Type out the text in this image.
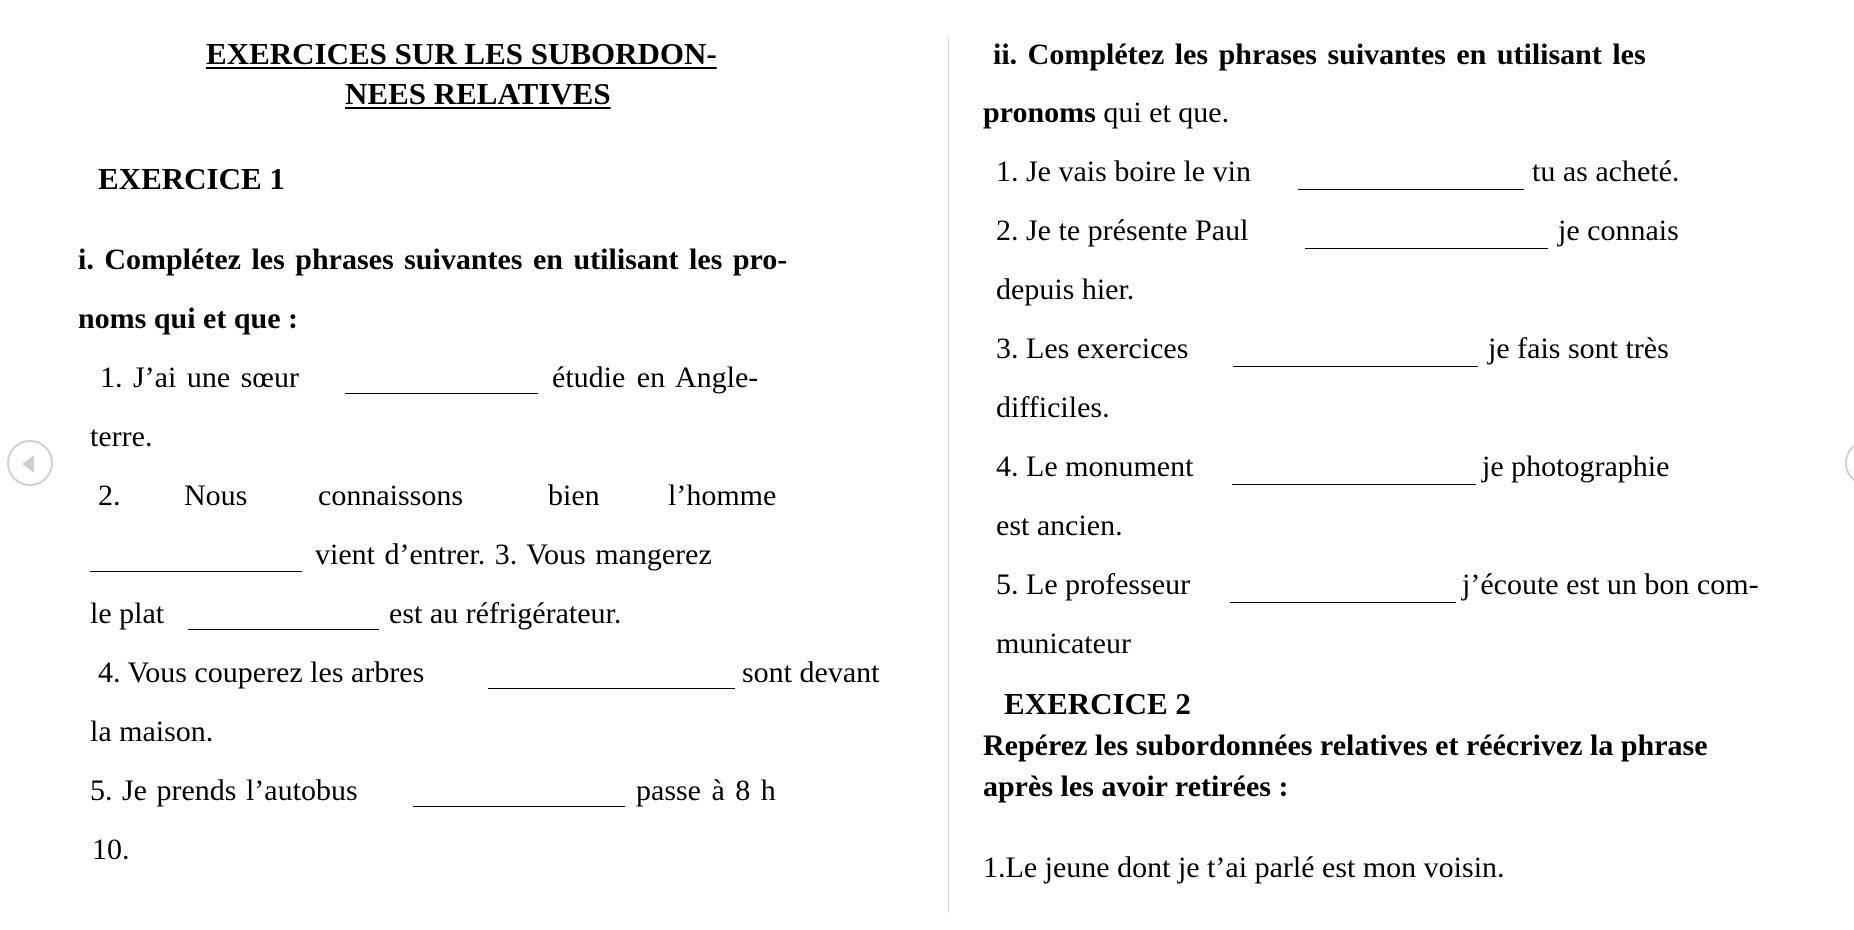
EXERCICES SUR LES SUBORDON-
NEES RELATIVES
EXERCICE 1
i. Complétez les phrases suivantes en utilisant les pro-
noms qui et que :
1. J’ai une sœur	étudie en Angle-
terre.
2. Nous connaissons	bien l’homme
vient d’entrer. 3. Vous mangerez
le plat	est au réfrigérateur.
4. Vous couperez les arbres	sont devant
la maison.
5. Je prends l’autobus	passe à 8 h
10.
ii. Complétez les phrases suivantes en utilisant les
pronoms qui et que.
1. Je vais boire le vin	tu as acheté.
2. Je te présente Paul	je connais
depuis hier.
3. Les exercices	je fais sont très
difficiles.
4. Le monument	je photographie
est ancien.
5. Le professeur	j’écoute est un bon com-
municateur
EXERCICE 2
Repérez les subordonnées relatives et réécrivez la phrase
après les avoir retirées :
1.Le jeune dont je t’ai parlé est mon voisin.
